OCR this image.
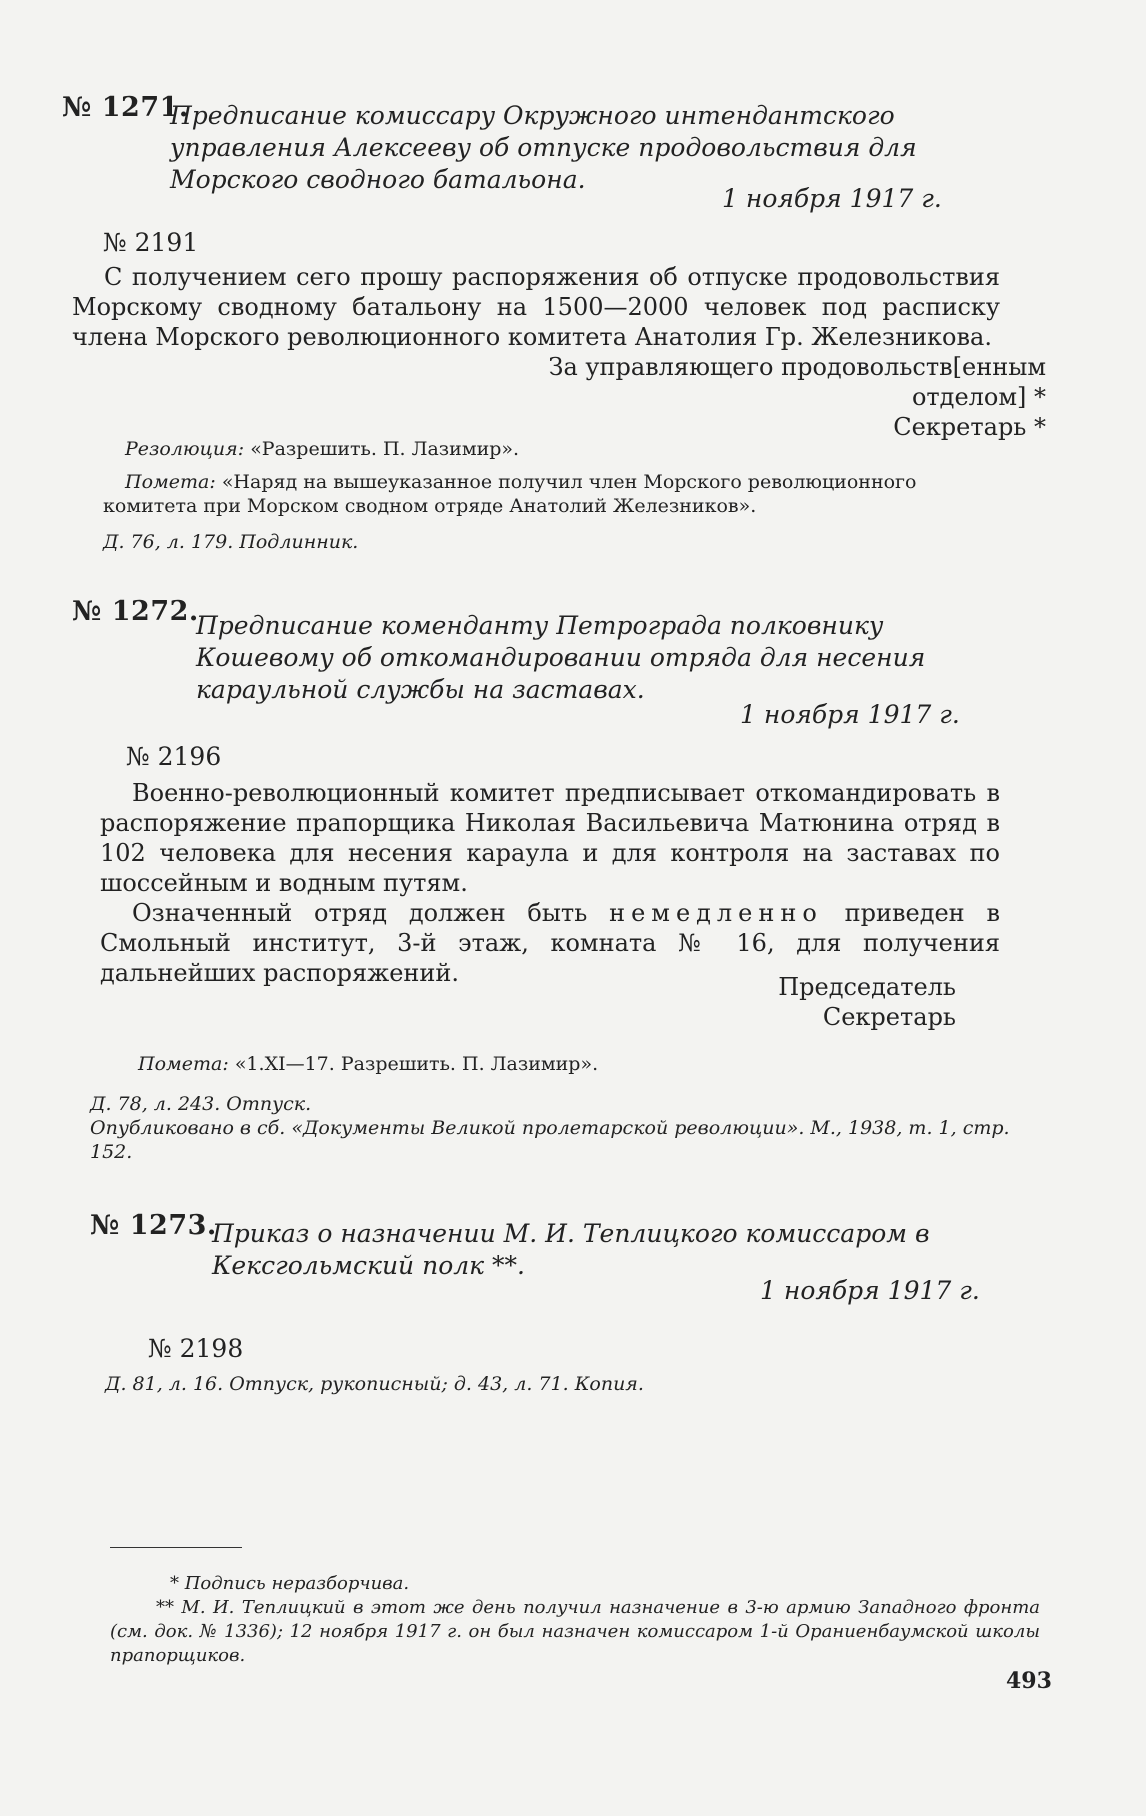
№ 1271.
Предписание комиссару Окружного интендантского управления Алексееву об отпуске продовольствия для Морского сводного батальона.
1 ноября 1917 г.
№ 2191

С получением сего прошу распоряжения об отпуске продовольствия Морскому сводному батальону на 1500—2000 человек под расписку члена Морского революционного комитета Анатолия Гр. Железникова.

За управляющего продовольств[енным
отделом] *
Секретарь *
Резолюция: «Разрешить. П. Лазимир».
Помета: «Наряд на вышеуказанное получил член Морского революционного комитета при Морском сводном отряде Анатолий Железников».
Д. 76, л. 179. Подлинник.
№ 1272.
Предписание коменданту Петрограда полковнику Кошевому об откомандировании отряда для несения караульной службы на заставах.
1 ноября 1917 г.
№ 2196

Военно-революционный комитет предписывает откомандировать в распоряжение прапорщика Николая Васильевича Матюнина отряд в 102 человека для несения караула и для контроля на заставах по шоссейным и водным путям.

Означенный отряд должен быть немедленно приведен в Смольный институт, 3-й этаж, комната № 16, для получения дальнейших распоряжений.	Председатель
Секретарь
Помета: «1.XI—17. Разрешить. П. Лазимир».
Д. 78, л. 243. Отпуск.
Опубликовано в сб. «Документы Великой пролетарской революции». М., 1938, т. 1, стр. 152.
№ 1273.
Приказ о назначении М. И. Теплицкого комиссаром в Кексгольмский полк **.
1 ноября 1917 г.
№ 2198
Д. 81, л. 16. Отпуск, рукописный; д. 43, л. 71. Копия.
* Подпись неразборчива.
** М. И. Теплицкий в этот же день получил назначение в 3-ю армию Западного фронта (см. док. № 1336); 12 ноября 1917 г. он был назначен комиссаром 1-й Ораниенбаумской школы прапорщиков.
493
